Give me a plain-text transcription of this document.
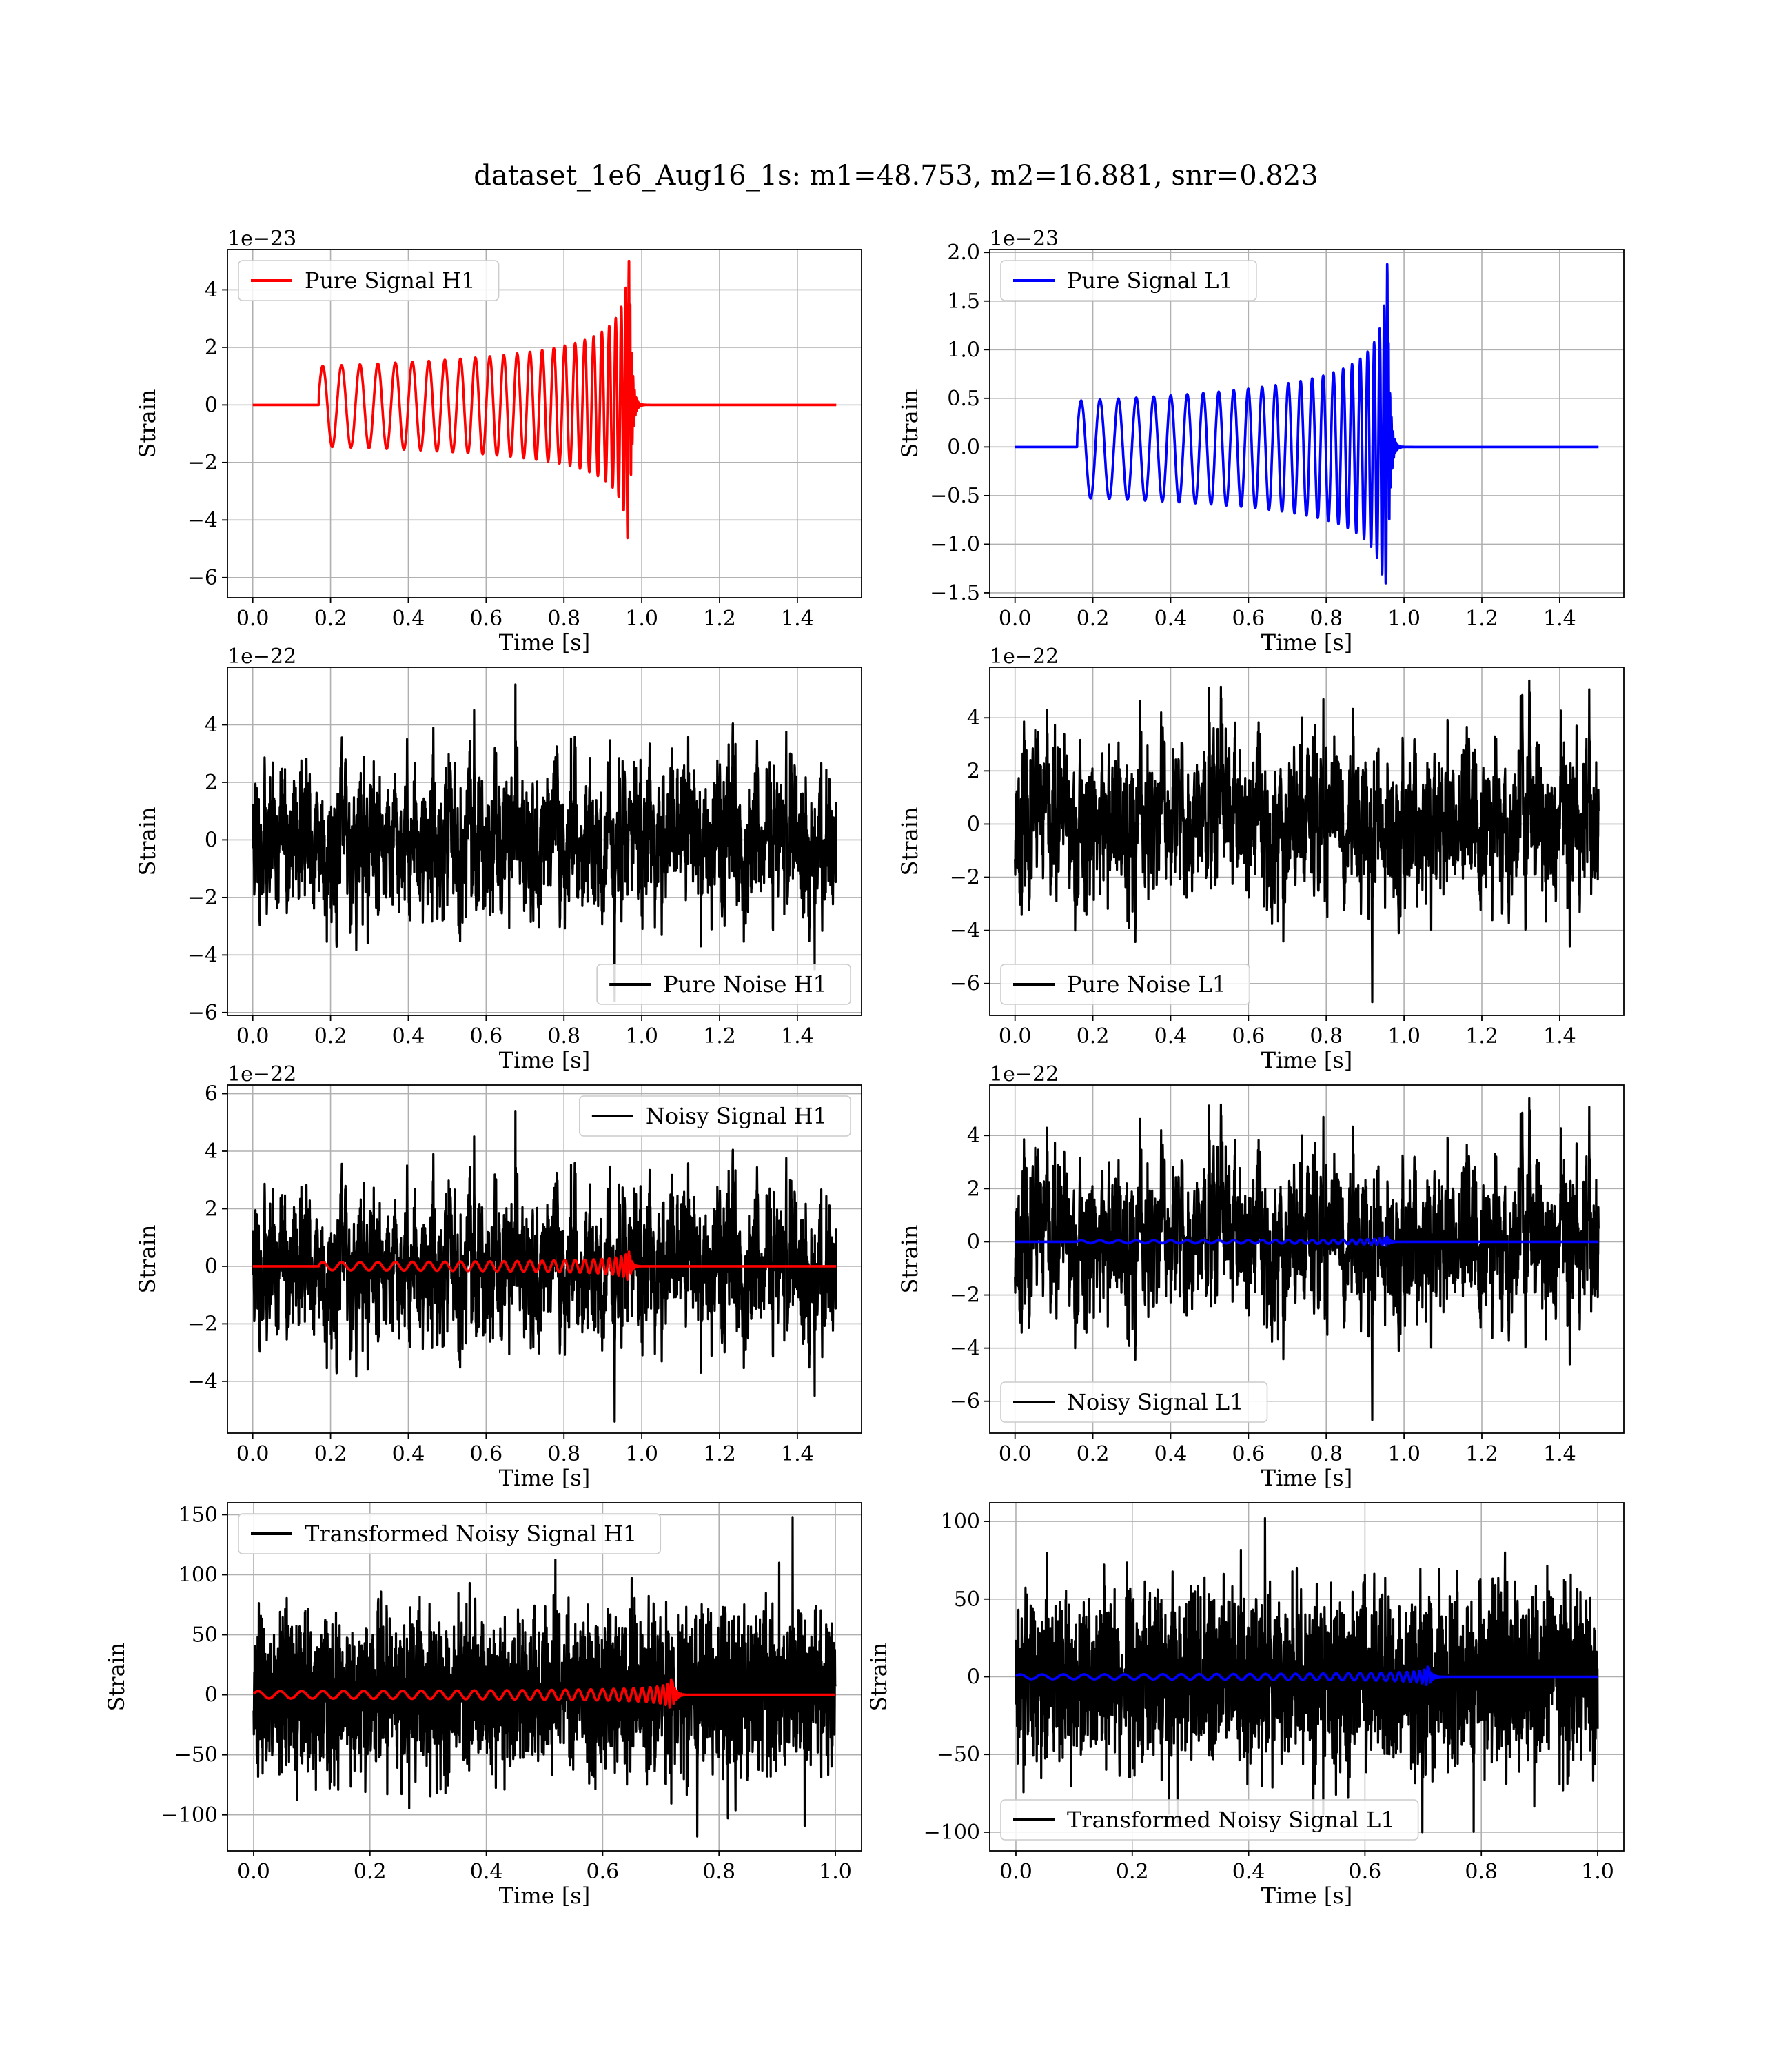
dataset_1e6_Aug16_1s: m1=48.753, m2=16.881, snr=0.823
0.0 0.2 0.4 0.6 0.8 1.0 1.2 1.4
−6
−4
−2
0
2
4
Time [s]
Strain
1e−23
Pure Signal H1
0.0 0.2 0.4 0.6 0.8 1.0 1.2 1.4
−1.5
−1.0
−0.5
0.0
0.5
1.0
1.5
2.0
Time [s]
Strain
1e−23
Pure Signal L1
0.0 0.2 0.4 0.6 0.8 1.0 1.2 1.4
−6
−4
−2
0
2
4
Time [s]
Strain
1e−22
Pure Noise H1
0.0 0.2 0.4 0.6 0.8 1.0 1.2 1.4
−6
−4
−2
0
2
4
Time [s]
Strain
1e−22
Pure Noise L1
0.0 0.2 0.4 0.6 0.8 1.0 1.2 1.4
−4
−2
0
2
4
6
Time [s]
Strain
1e−22
Noisy Signal H1
0.0 0.2 0.4 0.6 0.8 1.0 1.2 1.4
−6
−4
−2
0
2
4
Time [s]
Strain
1e−22
Noisy Signal L1
0.0	0.2	0.4	0.6	0.8	1.0
−100
−50
0
50
100
150
Time [s]
Strain
Transformed Noisy Signal H1
0.0	0.2	0.4	0.6	0.8	1.0
−100
−50
0
50
100
Time [s]
Strain
Transformed Noisy Signal L1
